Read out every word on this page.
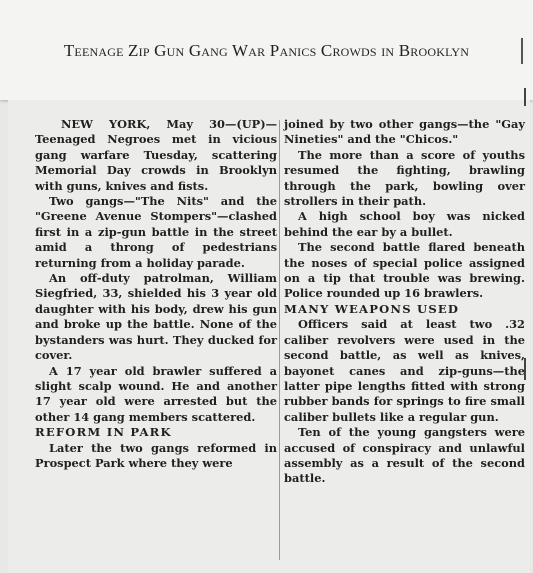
Teenage Zip Gun Gang War Panics Crowds in Brooklyn

NEW YORK, May 30—(UP)— Teenaged Negroes met in vicious gang warfare Tuesday, scattering Memorial Day crowds in Brooklyn with guns, knives and fists.

Two gangs—"The Nits" and the "Greene Avenue Stompers"—clashed first in a zip-gun battle in the street amid a throng of pedestrians returning from a holiday parade.

An off-duty patrolman, William Siegfried, 33, shielded his 3 year old daughter with his body, drew his gun and broke up the battle. None of the bystanders was hurt. They ducked for cover.

A 17 year old brawler suffered a slight scalp wound. He and another 17 year old were arrested but the other 14 gang members scattered.

REFORM IN PARK

Later the two gangs reformed in Prospect Park where they were

joined by two other gangs—the "Gay Nineties" and the "Chicos."

The more than a score of youths resumed the fighting, brawling through the park, bowling over strollers in their path.

A high school boy was nicked behind the ear by a bullet.

The second battle flared beneath the noses of special police assigned on a tip that trouble was brewing. Police rounded up 16 brawlers.

MANY WEAPONS USED

Officers said at least two .32 caliber revolvers were used in the second battle, as well as knives, bayonet canes and zip-guns—the latter pipe lengths fitted with strong rubber bands for springs to fire small caliber bullets like a regular gun.

Ten of the young gangsters were accused of conspiracy and unlawful assembly as a result of the second battle.
